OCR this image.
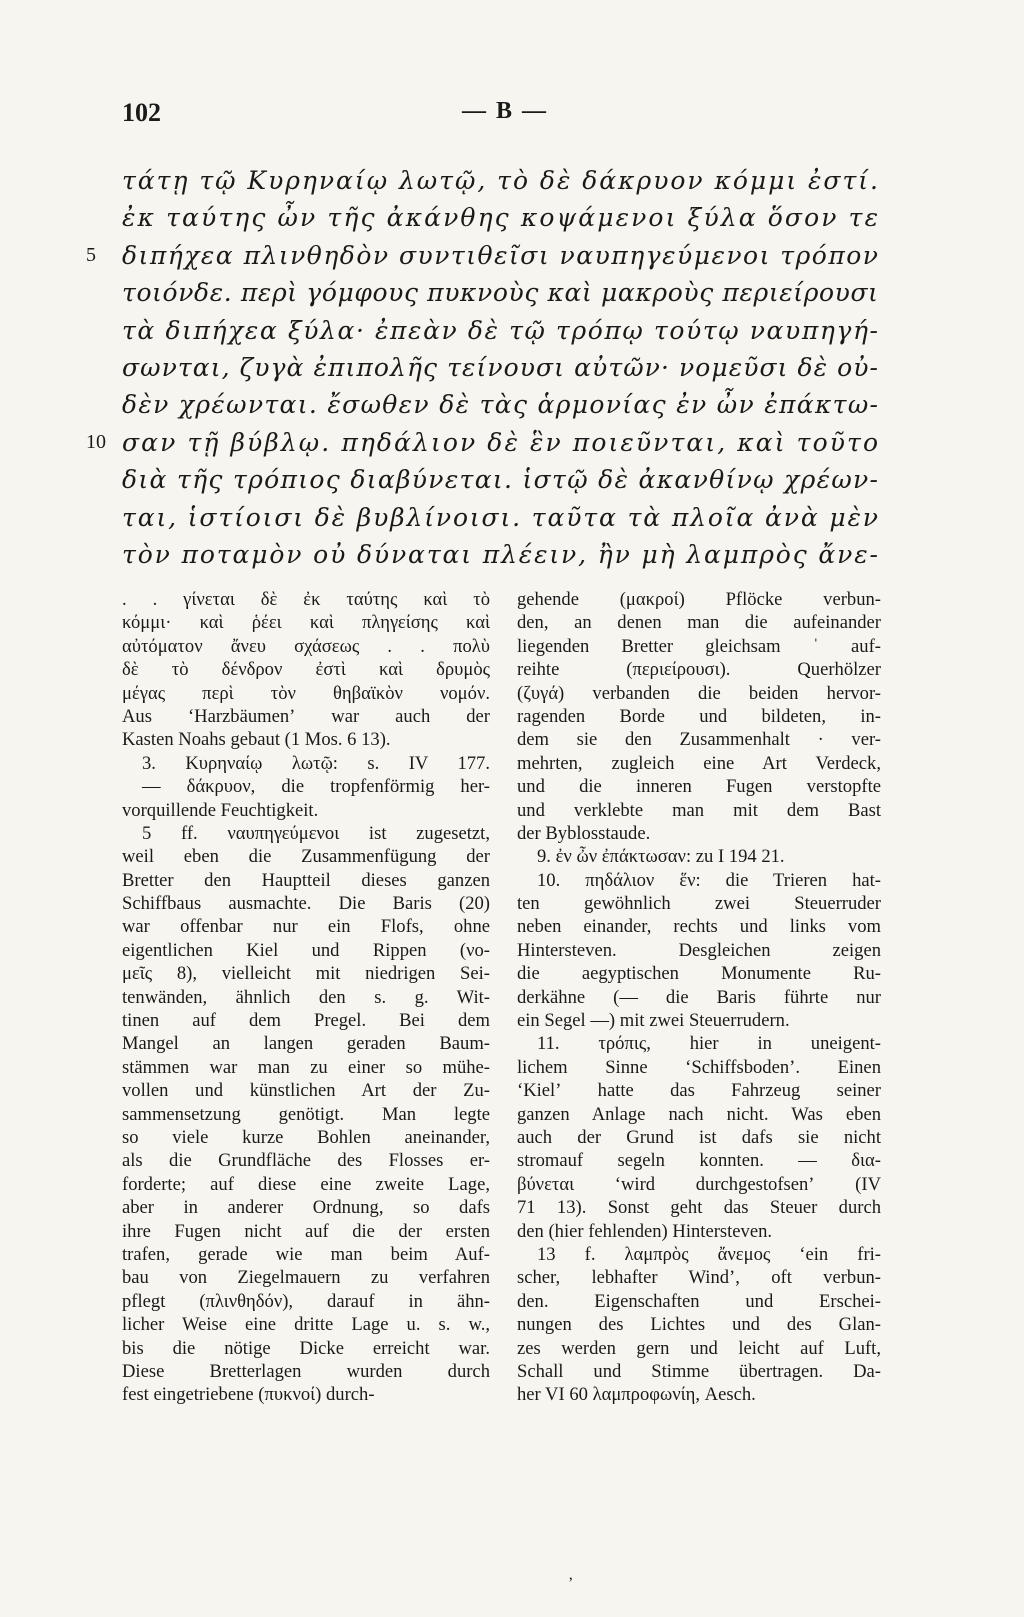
102	— B —
τάτῃ τῷ Κυρηναίῳ λωτῷ, τὸ δὲ δάκρυον κόμμι ἐστί.
ἐκ ταύτης ὦν τῆς ἀκάνθης κοψάμενοι ξύλα ὅσον τε
5 διπήχεα πλινθηδὸν συντιθεῖσι ναυπηγεύμενοι τρόπον
τοιόνδε. περὶ γόμφους πυκνοὺς καὶ μακροὺς περιείρουσι
τὰ διπήχεα ξύλα· ἐπεὰν δὲ τῷ τρόπῳ τούτῳ ναυπηγή-
σωνται, ζυγὰ ἐπιπολῆς τείνουσι αὐτῶν· νομεῦσι δὲ οὐ-
δὲν χρέωνται. ἔσωθεν δὲ τὰς ἁρμονίας ἐν ὦν ἐπάκτω-
10 σαν τῇ βύβλῳ. πηδάλιον δὲ ἓν ποιεῦνται, καὶ τοῦτο
διὰ τῆς τρόπιος διαβύνεται. ἱστῷ δὲ ἀκανθίνῳ χρέων-
ται, ἱστίοισι δὲ βυβλίνοισι. ταῦτα τὰ πλοῖα ἀνὰ μὲν
τὸν ποταμὸν οὐ δύναται πλέειν, ἢν μὴ λαμπρὸς ἄνε-
. . γίνεται δὲ ἐκ ταύτης καὶ τὸ
κόμμι· καὶ ῥέει καὶ πληγείσης καὶ
αὐτόματον ἄνευ σχάσεως . . πολὺ
δὲ τὸ δένδρον ἐστὶ καὶ δρυμὸς
μέγας περὶ τὸν θηβαϊκὸν νομόν.
Aus ʻHarzbäumenʼ war auch der
Kasten Noahs gebaut (1 Mos. 6 13).
3. Κυρηναίῳ λωτῷ: s. IV 177.
— δάκρυον, die tropfenförmig her-
vorquillende Feuchtigkeit.
5 ff. ναυπηγεύμενοι ist zugesetzt,
weil eben die Zusammenfügung der
Bretter den Hauptteil dieses ganzen
Schiffbaus ausmachte. Die Baris (20)
war offenbar nur ein Flofs, ohne
eigentlichen Kiel und Rippen (νο-
μεῖς 8), vielleicht mit niedrigen Sei-
tenwänden, ähnlich den s. g. Wit-
tinen auf dem Pregel. Bei dem
Mangel an langen geraden Baum-
stämmen war man zu einer so mühe-
vollen und künstlichen Art der Zu-
sammensetzung genötigt. Man legte
so viele kurze Bohlen aneinander,
als die Grundfläche des Flosses er-
forderte; auf diese eine zweite Lage,
aber in anderer Ordnung, so dafs
ihre Fugen nicht auf die der ersten
trafen, gerade wie man beim Auf-
bau von Ziegelmauern zu verfahren
pflegt (πλινθηδόν), darauf in ähn-
licher Weise eine dritte Lage u. s. w.,
bis die nötige Dicke erreicht war.
Diese Bretterlagen wurden durch
fest eingetriebene (πυκνοί) durch-
gehende (μακροί) Pflöcke verbun-
den, an denen man die aufeinander
liegenden Bretter gleichsam ˈ auf-
reihte (περιείρουσι). Querhölzer
(ζυγά) verbanden die beiden hervor-
ragenden Borde und bildeten, in-
dem sie den Zusammenhalt · ver-
mehrten, zugleich eine Art Verdeck,
und die inneren Fugen verstopfte
und verklebte man mit dem Bast
der Byblosstaude.
9. ἐν ὦν ἐπάκτωσαν: zu I 194 21.
10. πηδάλιον ἕν: die Trieren hat-
ten gewöhnlich zwei Steuerruder
neben einander, rechts und links vom
Hintersteven. Desgleichen zeigen
die aegyptischen Monumente Ru-
derkähne (— die Baris führte nur
ein Segel —) mit zwei Steuerrudern.
11. τρόπις, hier in uneigent-
lichem Sinne ʻSchiffsbodenʼ. Einen
ʻKielʼ hatte das Fahrzeug seiner
ganzen Anlage nach nicht. Was eben
auch der Grund ist dafs sie nicht
stromauf segeln konnten. — δια-
βύνεται ʻwird durchgestofsenʼ (IV
71 13). Sonst geht das Steuer durch
den (hier fehlenden) Hintersteven.
13 f. λαμπρὸς ἄνεμος ʻein fri-
scher, lebhafter Windʼ, oft verbun-
den. Eigenschaften und Erschei-
nungen des Lichtes und des Glan-
zes werden gern und leicht auf Luft,
Schall und Stimme übertragen. Da-
her VI 60 λαμπροφωνίη, Aesch.
ʼ
